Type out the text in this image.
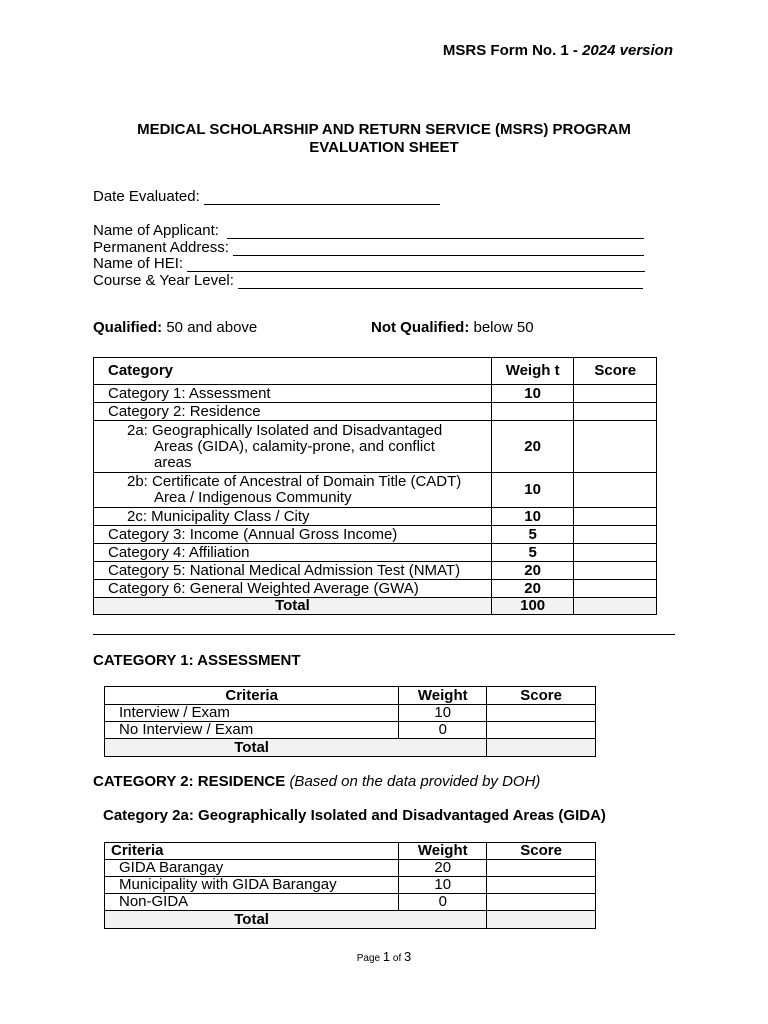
MSRS Form No. 1 - 2024 version
MEDICAL SCHOLARSHIP AND RETURN SERVICE (MSRS) PROGRAM
EVALUATION SHEET
Date Evaluated:
Name of Applicant:
Permanent Address:
Name of HEI:
Course & Year Level:
Qualified: 50 and above	Not Qualified: below 50
Category	Weigh t	Score
Category 1: Assessment	10	
Category 2: Residence		

2a: Geographically Isolated and Disadvantaged Areas (GIDA), calamity-prone, and conflict areas	20	

2b: Certificate of Ancestral of Domain Title (CADT) Area / Indigenous Community	10	
2c: Municipality Class / City	10	
Category 3: Income (Annual Gross Income)	5	
Category 4: Affiliation	5	
Category 5: National Medical Admission Test (NMAT)	20	
Category 6: General Weighted Average (GWA)	20	
Total	100	
CATEGORY 1: ASSESSMENT
Criteria	Weight	Score
Interview / Exam	10	
No Interview / Exam	0	
Total		
CATEGORY 2: RESIDENCE (Based on the data provided by DOH)
Category 2a: Geographically Isolated and Disadvantaged Areas (GIDA)
Criteria	Weight	Score
GIDA Barangay	20	
Municipality with GIDA Barangay	10	
Non-GIDA	0	
Total		
Page 1 of 3
